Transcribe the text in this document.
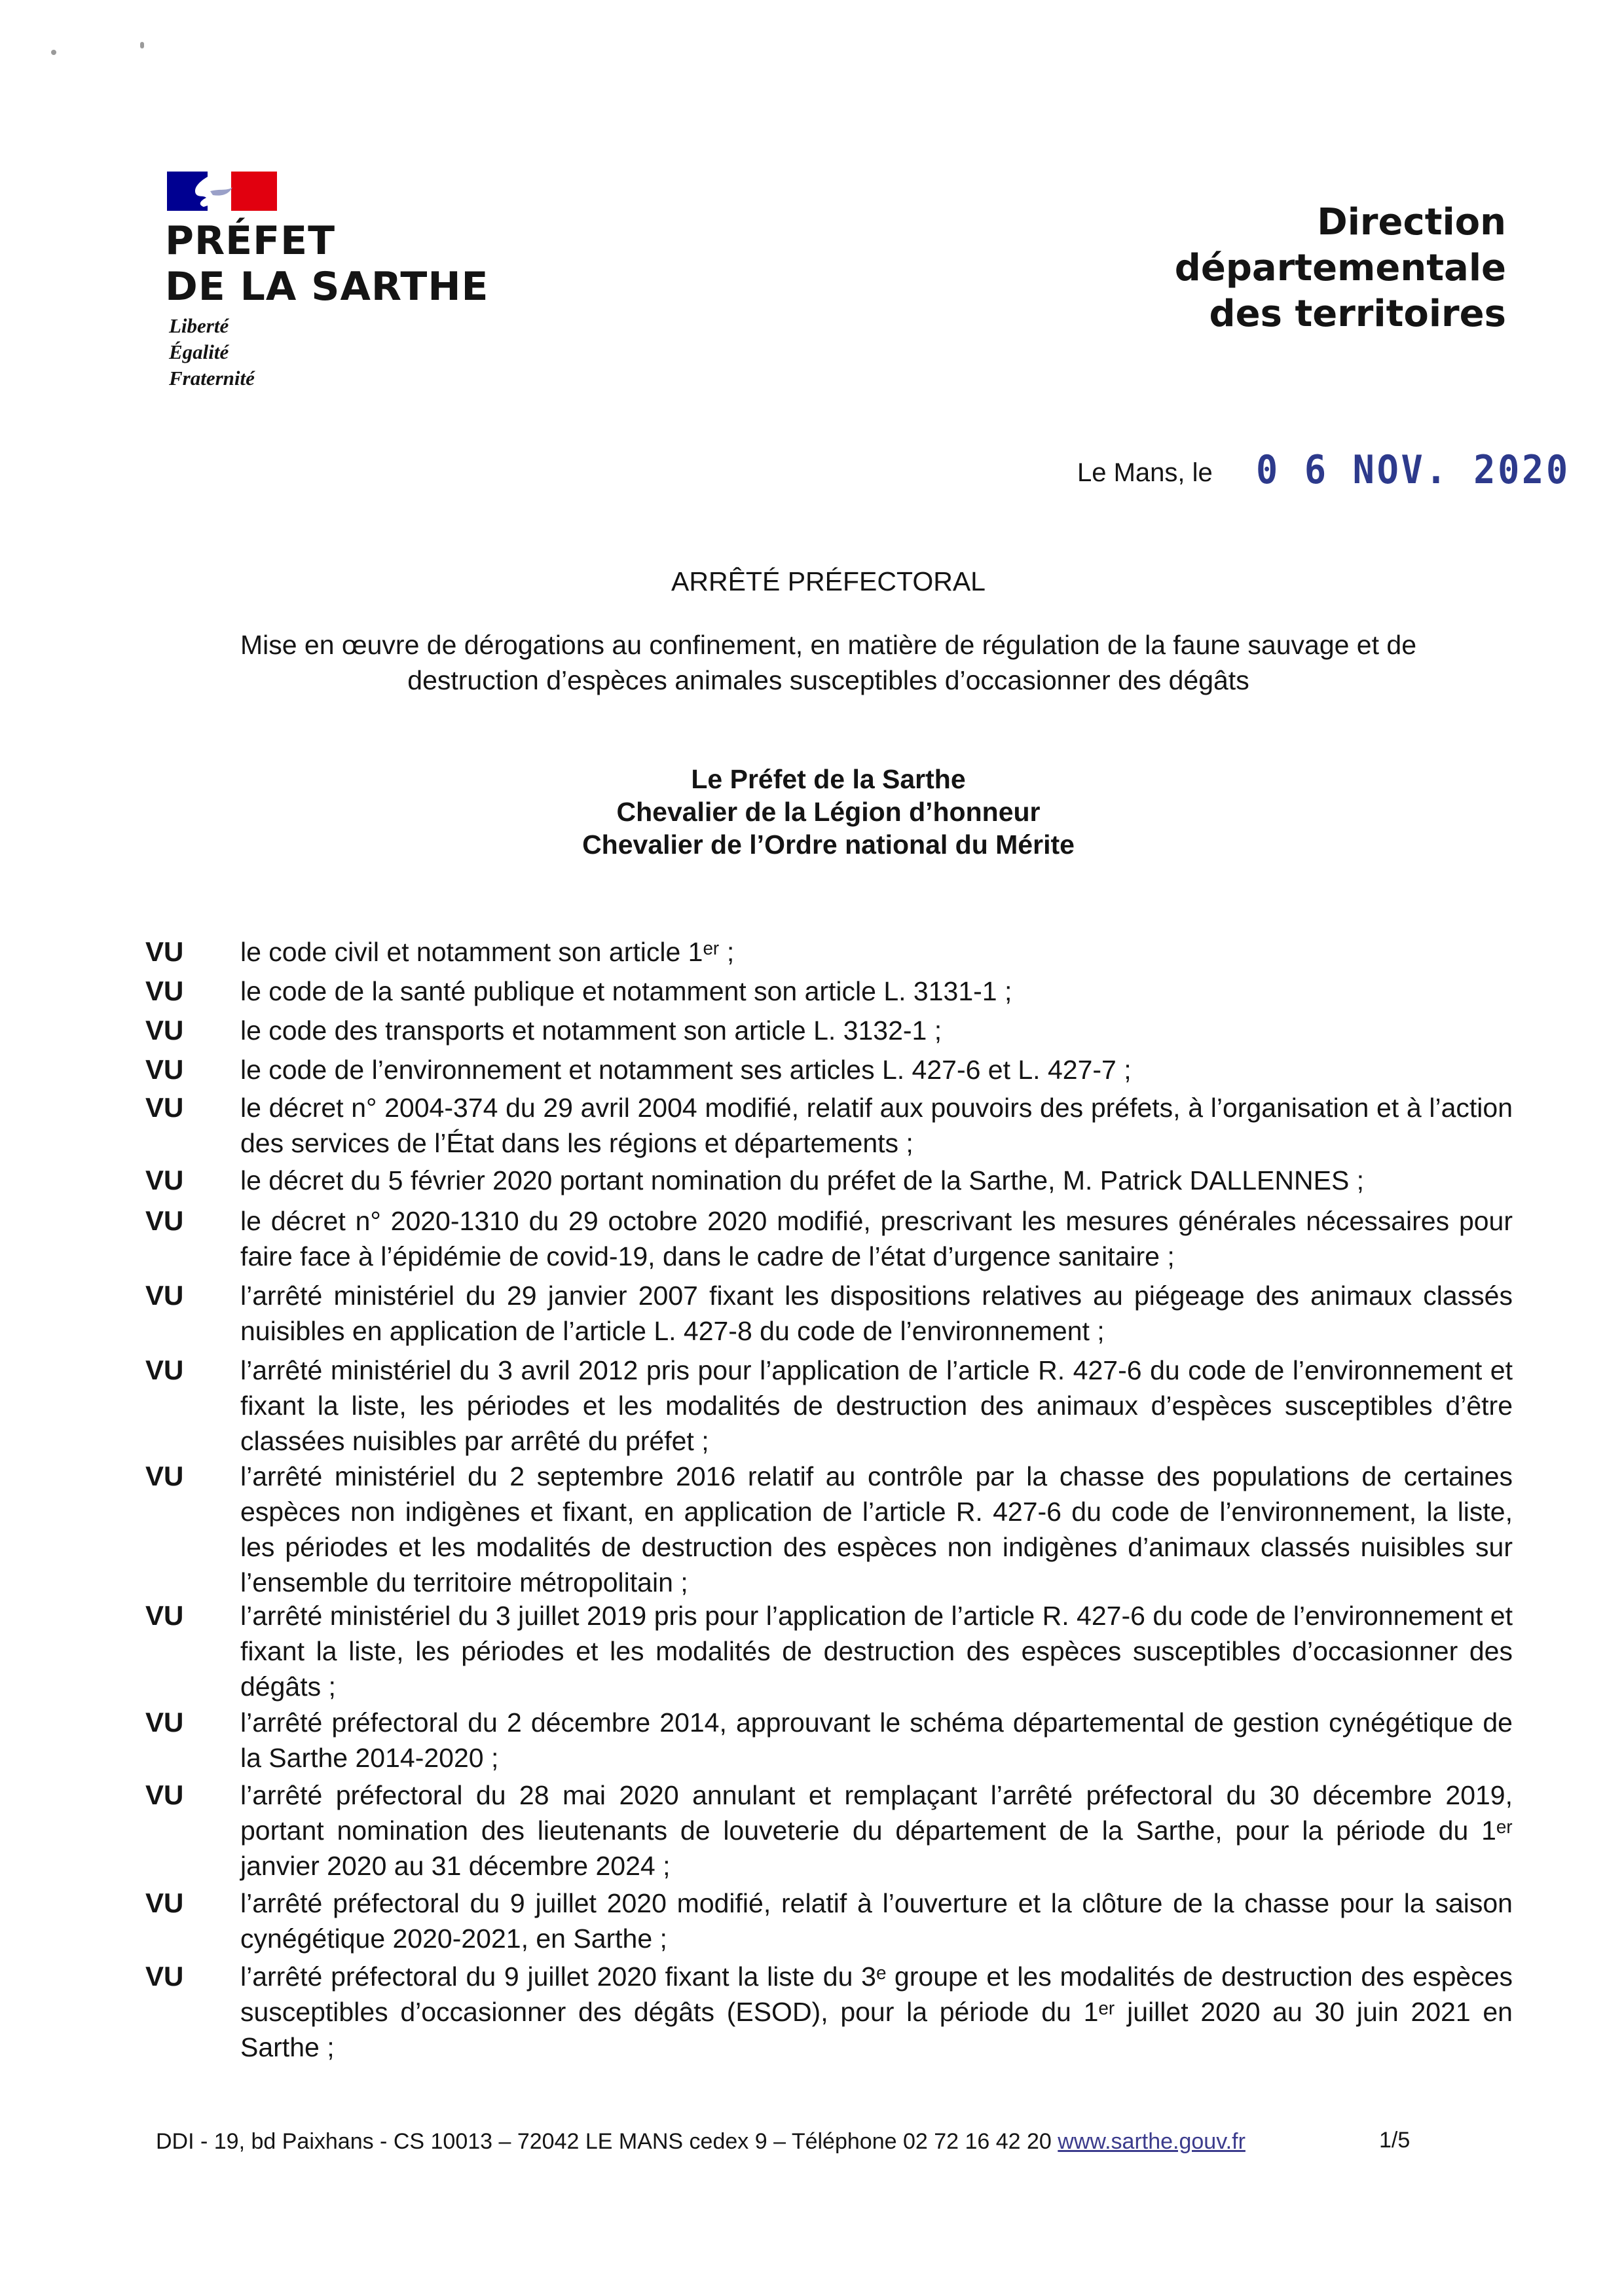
PRÉFET
DE LA SARTHE
Liberté
Égalité
Fraternité
Direction
départementale
des territoires
Le Mans, le 0 6 NOV. 2020
ARRÊTÉ PRÉFECTORAL
Mise en œuvre de dérogations au confinement, en matière de régulation de la faune sauvage et de
destruction d’espèces animales susceptibles d’occasionner des dégâts
Le Préfet de la Sarthe
Chevalier de la Légion d’honneur
Chevalier de l’Ordre national du Mérite
VU le code civil et notamment son article 1ᵉʳ ;
VU le code de la santé publique et notamment son article L. 3131-1 ;
VU le code des transports et notamment son article L. 3132-1 ;
VU le code de l’environnement et notamment ses articles L. 427-6 et L. 427-7 ;
VU le décret n° 2004-374 du 29 avril 2004 modifié, relatif aux pouvoirs des préfets, à l’organisation et à l’action des services de l’État dans les régions et départements ;
VU le décret du 5 février 2020 portant nomination du préfet de la Sarthe, M. Patrick DALLENNES ;
VU le décret n° 2020-1310 du 29 octobre 2020 modifié, prescrivant les mesures générales nécessaires pour faire face à l’épidémie de covid-19, dans le cadre de l’état d’urgence sanitaire ;
VU l’arrêté ministériel du 29 janvier 2007 fixant les dispositions relatives au piégeage des animaux classés nuisibles en application de l’article L. 427-8 du code de l’environnement ;
VU l’arrêté ministériel du 3 avril 2012 pris pour l’application de l’article R. 427-6 du code de l’environnement et fixant la liste, les périodes et les modalités de destruction des animaux d’espèces susceptibles d’être classées nuisibles par arrêté du préfet ;
VU l’arrêté ministériel du 2 septembre 2016 relatif au contrôle par la chasse des populations de certaines espèces non indigènes et fixant, en application de l’article R. 427-6 du code de l’environnement, la liste, les périodes et les modalités de destruction des espèces non indigènes d’animaux classés nuisibles sur l’ensemble du territoire métropolitain ;
VU l’arrêté ministériel du 3 juillet 2019 pris pour l’application de l’article R. 427-6 du code de l’environnement et fixant la liste, les périodes et les modalités de destruction des espèces susceptibles d’occasionner des dégâts ;
VU l’arrêté préfectoral du 2 décembre 2014, approuvant le schéma départemental de gestion cynégétique de la Sarthe 2014-2020 ;
VU l’arrêté préfectoral du 28 mai 2020 annulant et remplaçant l’arrêté préfectoral du 30 décembre 2019, portant nomination des lieutenants de louveterie du département de la Sarthe, pour la période du 1ᵉʳ janvier 2020 au 31 décembre 2024 ;
VU l’arrêté préfectoral du 9 juillet 2020 modifié, relatif à l’ouverture et la clôture de la chasse pour la saison cynégétique 2020-2021, en Sarthe ;
VU l’arrêté préfectoral du 9 juillet 2020 fixant la liste du 3ᵉ groupe et les modalités de destruction des espèces susceptibles d’occasionner des dégâts (ESOD), pour la période du 1ᵉʳ juillet 2020 au 30 juin 2021 en Sarthe ;
DDI - 19, bd Paixhans - CS 10013 – 72042 LE MANS cedex 9 – Téléphone 02 72 16 42 20 www.sarthe.gouv.fr	1/5
